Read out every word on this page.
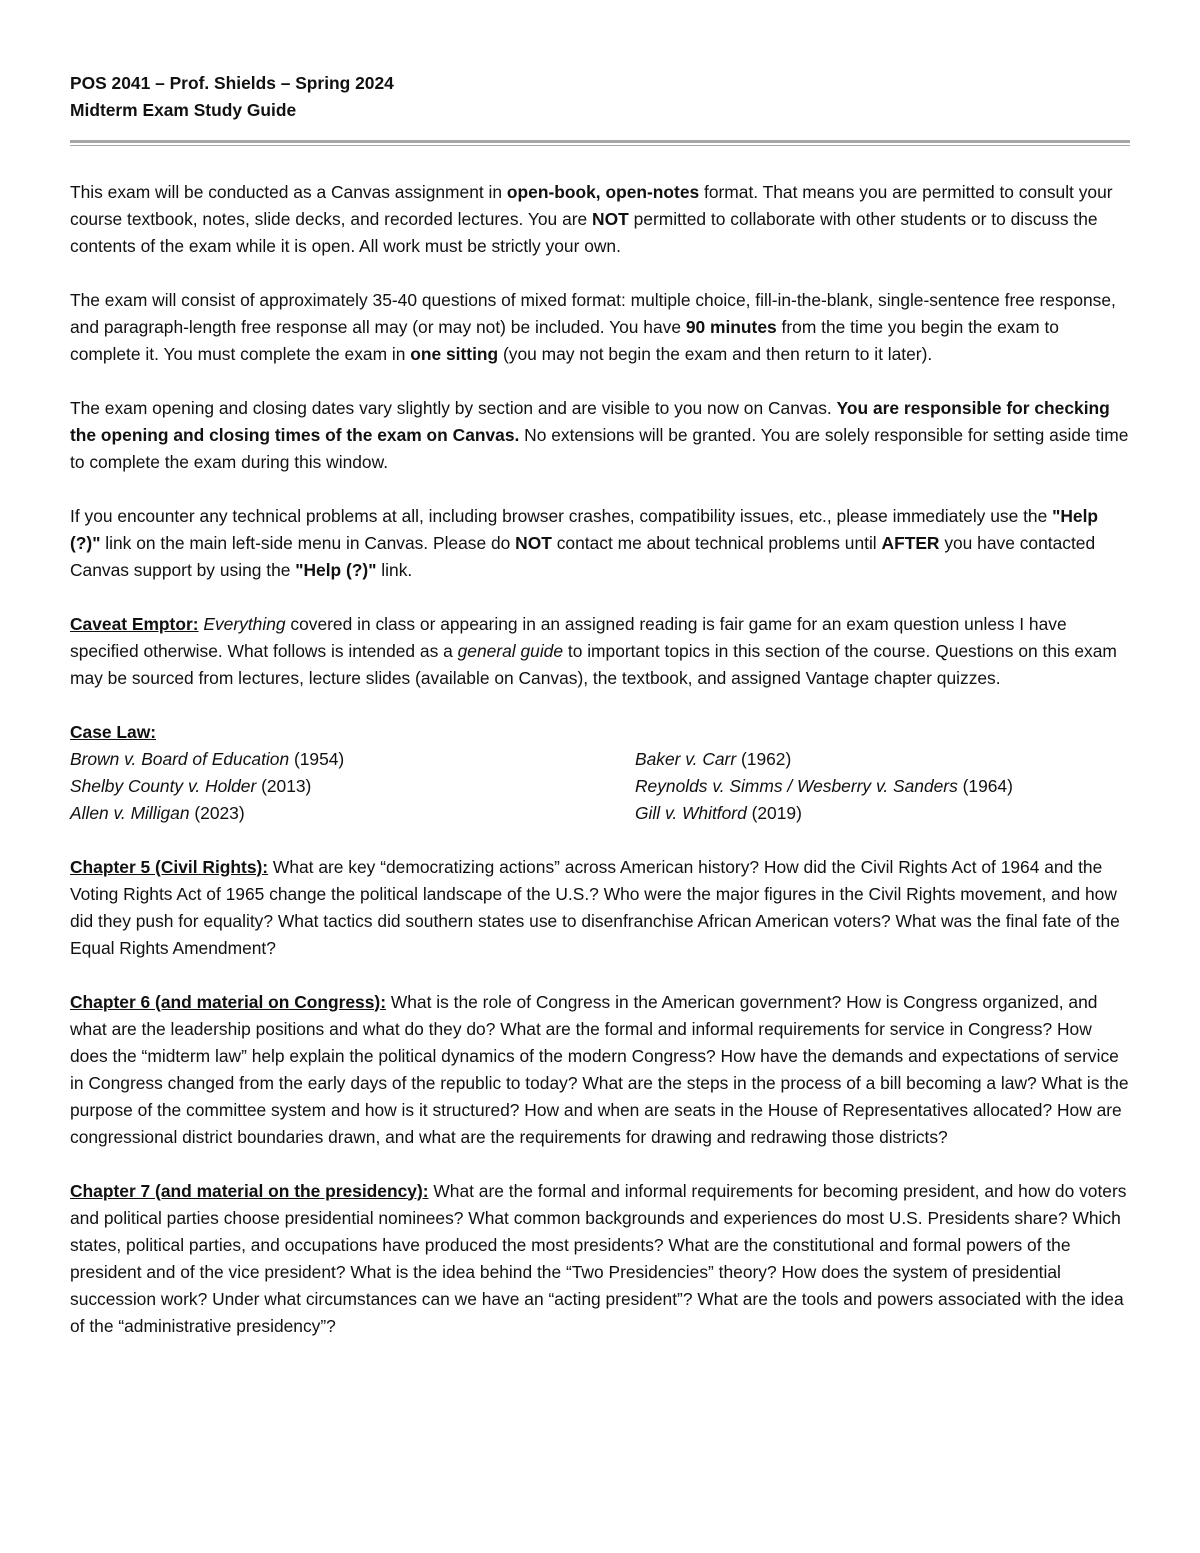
POS 2041 – Prof. Shields – Spring 2024
Midterm Exam Study Guide

This exam will be conducted as a Canvas assignment in open-book, open-notes format. That means you are permitted to consult your course textbook, notes, slide decks, and recorded lectures. You are NOT permitted to collaborate with other students or to discuss the contents of the exam while it is open. All work must be strictly your own.

The exam will consist of approximately 35-40 questions of mixed format: multiple choice, fill-in-the-blank, single-sentence free response, and paragraph-length free response all may (or may not) be included. You have 90 minutes from the time you begin the exam to complete it. You must complete the exam in one sitting (you may not begin the exam and then return to it later).

The exam opening and closing dates vary slightly by section and are visible to you now on Canvas. You are responsible for checking the opening and closing times of the exam on Canvas. No extensions will be granted. You are solely responsible for setting aside time to complete the exam during this window.

If you encounter any technical problems at all, including browser crashes, compatibility issues, etc., please immediately use the "Help (?)" link on the main left-side menu in Canvas. Please do NOT contact me about technical problems until AFTER you have contacted Canvas support by using the "Help (?)" link.

Caveat Emptor: Everything covered in class or appearing in an assigned reading is fair game for an exam question unless I have specified otherwise. What follows is intended as a general guide to important topics in this section of the course. Questions on this exam may be sourced from lectures, lecture slides (available on Canvas), the textbook, and assigned Vantage chapter quizzes.

Case Law:
Brown v. Board of Education (1954)	Baker v. Carr (1962)
Shelby County v. Holder (2013)	Reynolds v. Simms / Wesberry v. Sanders (1964)
Allen v. Milligan (2023)	Gill v. Whitford (2019)

Chapter 5 (Civil Rights): What are key “democratizing actions” across American history? How did the Civil Rights Act of 1964 and the Voting Rights Act of 1965 change the political landscape of the U.S.? Who were the major figures in the Civil Rights movement, and how did they push for equality? What tactics did southern states use to disenfranchise African American voters? What was the final fate of the Equal Rights Amendment?

Chapter 6 (and material on Congress): What is the role of Congress in the American government? How is Congress organized, and what are the leadership positions and what do they do? What are the formal and informal requirements for service in Congress? How does the “midterm law” help explain the political dynamics of the modern Congress? How have the demands and expectations of service in Congress changed from the early days of the republic to today? What are the steps in the process of a bill becoming a law? What is the purpose of the committee system and how is it structured? How and when are seats in the House of Representatives allocated? How are congressional district boundaries drawn, and what are the requirements for drawing and redrawing those districts?

Chapter 7 (and material on the presidency): What are the formal and informal requirements for becoming president, and how do voters and political parties choose presidential nominees? What common backgrounds and experiences do most U.S. Presidents share? Which states, political parties, and occupations have produced the most presidents? What are the constitutional and formal powers of the president and of the vice president? What is the idea behind the “Two Presidencies” theory? How does the system of presidential succession work? Under what circumstances can we have an “acting president”? What are the tools and powers associated with the idea of the “administrative presidency”?
